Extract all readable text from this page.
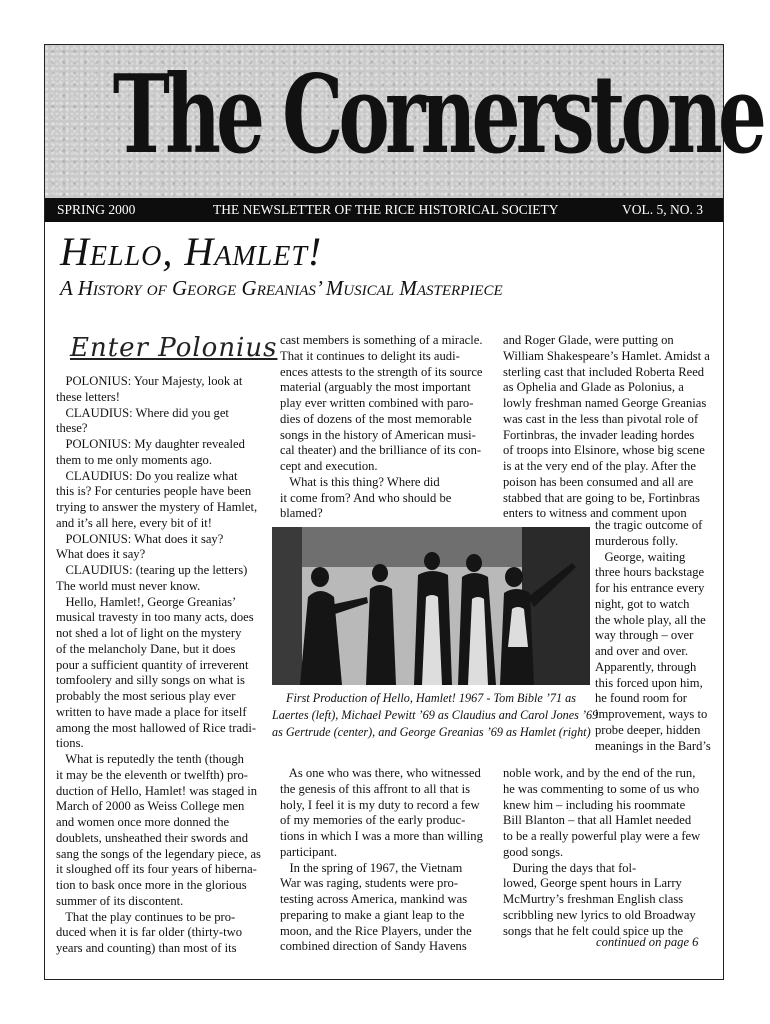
The Cornerstone
SPRING 2000	THE NEWSLETTER OF THE RICE HISTORICAL SOCIETY	VOL. 5, NO. 3
Hello, Hamlet!
A History of George Greanias’ Musical Masterpiece
Enter Polonius
POLONIUS: Your Majesty, look at
these letters!
CLAUDIUS: Where did you get
these?
POLONIUS: My daughter revealed
them to me only moments ago.
CLAUDIUS: Do you realize what
this is? For centuries people have been
trying to answer the mystery of Hamlet,
and it’s all here, every bit of it!
POLONIUS: What does it say?
What does it say?
CLAUDIUS: (tearing up the letters)
The world must never know.
Hello, Hamlet!, George Greanias’
musical travesty in too many acts, does
not shed a lot of light on the mystery
of the melancholy Dane, but it does
pour a sufficient quantity of irreverent
tomfoolery and silly songs on what is
probably the most serious play ever
written to have made a place for itself
among the most hallowed of Rice tradi-
tions.
What is reputedly the tenth (though
it may be the eleventh or twelfth) pro-
duction of Hello, Hamlet! was staged in
March of 2000 as Weiss College men
and women once more donned the
doublets, unsheathed their swords and
sang the songs of the legendary piece, as
it sloughed off its four years of hiberna-
tion to bask once more in the glorious
summer of its discontent.
That the play continues to be pro-
duced when it is far older (thirty-two
years and counting) than most of its
cast members is something of a miracle.
That it continues to delight its audi-
ences attests to the strength of its source
material (arguably the most important
play ever written combined with paro-
dies of dozens of the most memorable
songs in the history of American musi-
cal theater) and the brilliance of its con-
cept and execution.
What is this thing? Where did
it come from? And who should be
blamed?
and Roger Glade, were putting on
William Shakespeare’s Hamlet. Amidst a
sterling cast that included Roberta Reed
as Ophelia and Glade as Polonius, a
lowly freshman named George Greanias
was cast in the less than pivotal role of
Fortinbras, the invader leading hordes
of troops into Elsinore, whose big scene
is at the very end of the play. After the
poison has been consumed and all are
stabbed that are going to be, Fortinbras
enters to witness and comment upon
the tragic outcome of
murderous folly.
George, waiting
three hours backstage
for his entrance every
night, got to watch
the whole play, all the
way through – over
and over and over.
Apparently, through
this forced upon him,
he found room for
improvement, ways to
probe deeper, hidden
meanings in the Bard’s
First Production of Hello, Hamlet! 1967 - Tom Bible ’71 as
Laertes (left), Michael Pewitt ’69 as Claudius and Carol Jones ’69
as Gertrude (center), and George Greanias ’69 as Hamlet (right)
As one who was there, who witnessed
the genesis of this affront to all that is
holy, I feel it is my duty to record a few
of my memories of the early produc-
tions in which I was a more than willing
participant.
In the spring of 1967, the Vietnam
War was raging, students were pro-
testing across America, mankind was
preparing to make a giant leap to the
moon, and the Rice Players, under the
combined direction of Sandy Havens
noble work, and by the end of the run,
he was commenting to some of us who
knew him – including his roommate
Bill Blanton – that all Hamlet needed
to be a really powerful play were a few
good songs.
During the days that fol-
lowed, George spent hours in Larry
McMurtry’s freshman English class
scribbling new lyrics to old Broadway
songs that he felt could spice up the
continued on page 6
